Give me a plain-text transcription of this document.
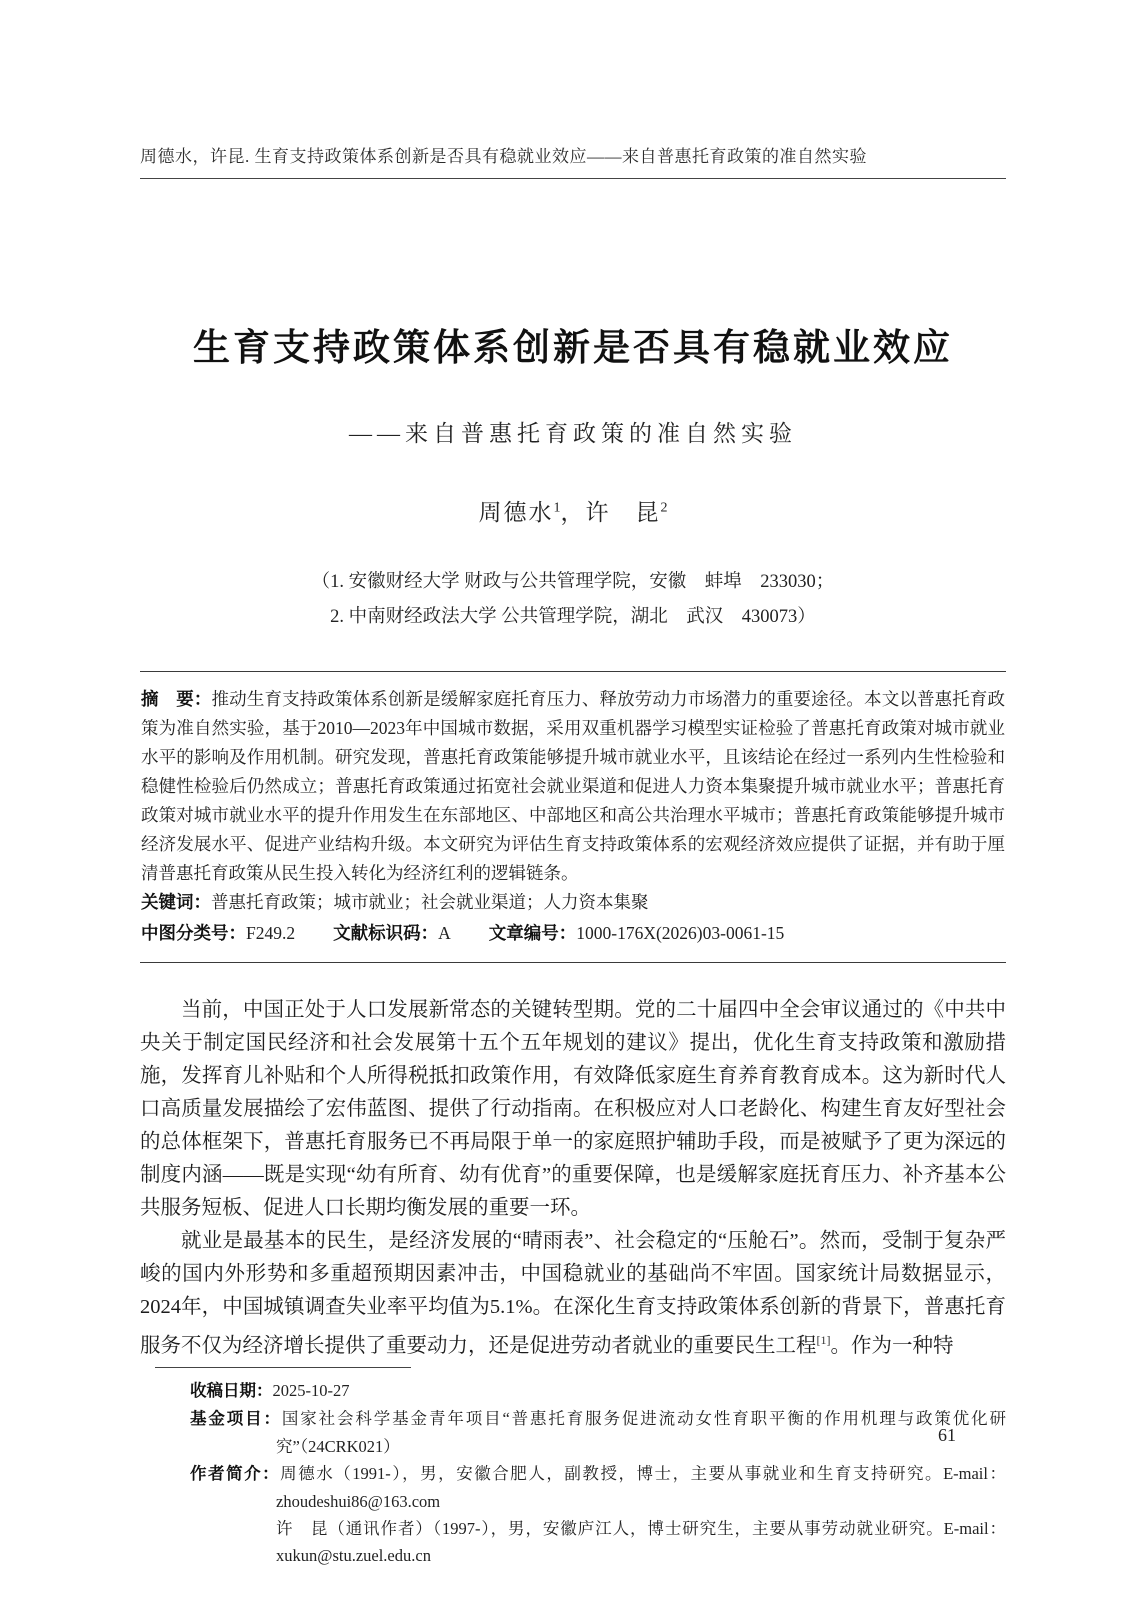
周德水，许昆. 生育支持政策体系创新是否具有稳就业效应——来自普惠托育政策的准自然实验
生育支持政策体系创新是否具有稳就业效应
——来自普惠托育政策的准自然实验
周德水$^1$，许　昆$^2$
（1. 安徽财经大学 财政与公共管理学院，安徽　蚌埠　233030；
2. 中南财经政法大学 公共管理学院，湖北　武汉　430073）

摘　要：推动生育支持政策体系创新是缓解家庭托育压力、释放劳动力市场潜力的重要途径。本文以普惠托育政策为准自然实验，基于2010—2023年中国城市数据，采用双重机器学习模型实证检验了普惠托育政策对城市就业水平的影响及作用机制。研究发现，普惠托育政策能够提升城市就业水平，且该结论在经过一系列内生性检验和稳健性检验后仍然成立；普惠托育政策通过拓宽社会就业渠道和促进人力资本集聚提升城市就业水平；普惠托育政策对城市就业水平的提升作用发生在东部地区、中部地区和高公共治理水平城市；普惠托育政策能够提升城市经济发展水平、促进产业结构升级。本文研究为评估生育支持政策体系的宏观经济效应提供了证据，并有助于厘清普惠托育政策从民生投入转化为经济红利的逻辑链条。

关键词：普惠托育政策；城市就业；社会就业渠道；人力资本集聚

中图分类号：F249.2 文献标识码：A 文章编号：1000-176X(2026)03-0061-15

当前，中国正处于人口发展新常态的关键转型期。党的二十届四中全会审议通过的《中共中央关于制定国民经济和社会发展第十五个五年规划的建议》提出，优化生育支持政策和激励措施，发挥育儿补贴和个人所得税抵扣政策作用，有效降低家庭生育养育教育成本。这为新时代人口高质量发展描绘了宏伟蓝图、提供了行动指南。在积极应对人口老龄化、构建生育友好型社会的总体框架下，普惠托育服务已不再局限于单一的家庭照护辅助手段，而是被赋予了更为深远的制度内涵——既是实现“幼有所育、幼有优育”的重要保障，也是缓解家庭抚育压力、补齐基本公共服务短板、促进人口长期均衡发展的重要一环。

就业是最基本的民生，是经济发展的“晴雨表”、社会稳定的“压舱石”。然而，受制于复杂严峻的国内外形势和多重超预期因素冲击，中国稳就业的基础尚不牢固。国家统计局数据显示，2024年，中国城镇调查失业率平均值为5.1%。在深化生育支持政策体系创新的背景下，普惠托育服务不仅为经济增长提供了重要动力，还是促进劳动者就业的重要民生工程[1]。作为一种特

收稿日期：2025-10-27
基金项目：国家社会科学基金青年项目“普惠托育服务促进流动女性育职平衡的作用机理与政策优化研究”（24CRK021）
作者简介：周德水（1991-），男，安徽合肥人，副教授，博士，主要从事就业和生育支持研究。E-mail：zhoudeshui86@163.com
许　昆（通讯作者）（1997-），男，安徽庐江人，博士研究生，主要从事劳动就业研究。E-mail：xukun@stu.zuel.edu.cn
61
